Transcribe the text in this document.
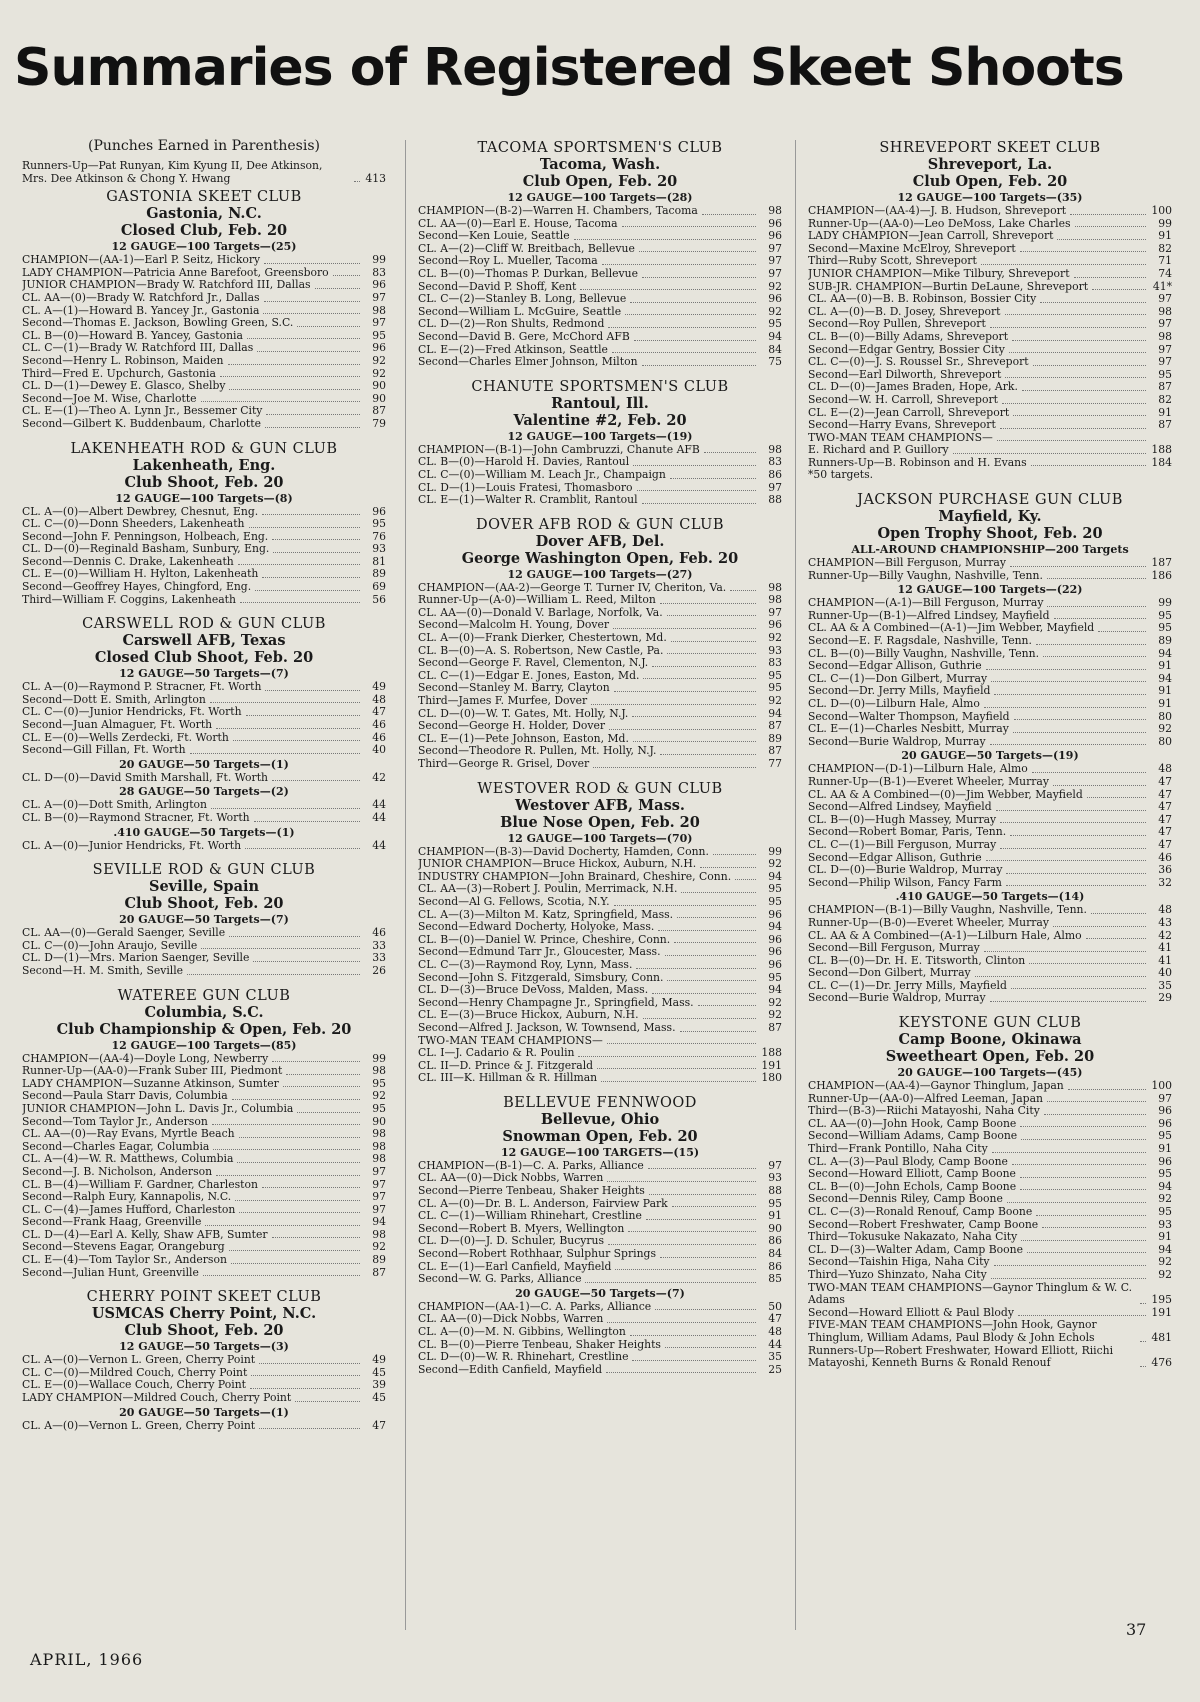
Summaries of Registered Skeet Shoots
(Punches Earned in Parenthesis)
Runners-Up—Pat Runyan, Kim Kyung II, Dee Atkinson, Mrs. Dee Atkinson & Chong Y. Hwang	413
GASTONIA SKEET CLUB
Gastonia, N.C.
Closed Club, Feb. 20
12 GAUGE—100 Targets—(25)
CHAMPION—(AA-1)—Earl P. Seitz, Hickory	99
LADY CHAMPION—Patricia Anne Barefoot, Greensboro	83
JUNIOR CHAMPION—Brady W. Ratchford III, Dallas	96
CL. AA—(0)—Brady W. Ratchford Jr., Dallas	97
CL. A—(1)—Howard B. Yancey Jr., Gastonia	98
Second—Thomas E. Jackson, Bowling Green, S.C.	97
CL. B—(0)—Howard B. Yancey, Gastonia	95
CL. C—(1)—Brady W. Ratchford III, Dallas	96
Second—Henry L. Robinson, Maiden	92
Third—Fred E. Upchurch, Gastonia	92
CL. D—(1)—Dewey E. Glasco, Shelby	90
Second—Joe M. Wise, Charlotte	90
CL. E—(1)—Theo A. Lynn Jr., Bessemer City	87
Second—Gilbert K. Buddenbaum, Charlotte	79
LAKENHEATH ROD & GUN CLUB
Lakenheath, Eng.
Club Shoot, Feb. 20
12 GAUGE—100 Targets—(8)
CL. A—(0)—Albert Dewbrey, Chesnut, Eng.	96
CL. C—(0)—Donn Sheeders, Lakenheath	95
Second—John F. Penningson, Holbeach, Eng.	76
CL. D—(0)—Reginald Basham, Sunbury, Eng.	93
Second—Dennis C. Drake, Lakenheath	81
CL. E—(0)—William H. Hylton, Lakenheath	89
Second—Geoffrey Hayes, Chingford, Eng.	69
Third—William F. Coggins, Lakenheath	56
CARSWELL ROD & GUN CLUB
Carswell AFB, Texas
Closed Club Shoot, Feb. 20
12 GAUGE—50 Targets—(7)
CL. A—(0)—Raymond P. Stracner, Ft. Worth	49
Second—Dott E. Smith, Arlington	48
CL. C—(0)—Junior Hendricks, Ft. Worth	47
Second—Juan Almaguer, Ft. Worth	46
CL. E—(0)—Wells Zerdecki, Ft. Worth	46
Second—Gill Fillan, Ft. Worth	40
20 GAUGE—50 Targets—(1)
CL. D—(0)—David Smith Marshall, Ft. Worth	42
28 GAUGE—50 Targets—(2)
CL. A—(0)—Dott Smith, Arlington	44
CL. B—(0)—Raymond Stracner, Ft. Worth	44
.410 GAUGE—50 Targets—(1)
CL. A—(0)—Junior Hendricks, Ft. Worth	44
SEVILLE ROD & GUN CLUB
Seville, Spain
Club Shoot, Feb. 20
20 GAUGE—50 Targets—(7)
CL. AA—(0)—Gerald Saenger, Seville	46
CL. C—(0)—John Araujo, Seville	33
CL. D—(1)—Mrs. Marion Saenger, Seville	33
Second—H. M. Smith, Seville	26
WATEREE GUN CLUB
Columbia, S.C.
Club Championship & Open, Feb. 20
12 GAUGE—100 Targets—(85)
CHAMPION—(AA-4)—Doyle Long, Newberry	99
Runner-Up—(AA-0)—Frank Suber III, Piedmont	98
LADY CHAMPION—Suzanne Atkinson, Sumter	95
Second—Paula Starr Davis, Columbia	92
JUNIOR CHAMPION—John L. Davis Jr., Columbia	95
Second—Tom Taylor Jr., Anderson	90
CL. AA—(0)—Ray Evans, Myrtle Beach	98
Second—Charles Eagar, Columbia	98
CL. A—(4)—W. R. Matthews, Columbia	98
Second—J. B. Nicholson, Anderson	97
CL. B—(4)—William F. Gardner, Charleston	97
Second—Ralph Eury, Kannapolis, N.C.	97
CL. C—(4)—James Hufford, Charleston	97
Second—Frank Haag, Greenville	94
CL. D—(4)—Earl A. Kelly, Shaw AFB, Sumter	98
Second—Stevens Eagar, Orangeburg	92
CL. E—(4)—Tom Taylor Sr., Anderson	89
Second—Julian Hunt, Greenville	87
CHERRY POINT SKEET CLUB
USMCAS Cherry Point, N.C.
Club Shoot, Feb. 20
12 GAUGE—50 Targets—(3)
CL. A—(0)—Vernon L. Green, Cherry Point	49
CL. C—(0)—Mildred Couch, Cherry Point	45
CL. E—(0)—Wallace Couch, Cherry Point	39
LADY CHAMPION—Mildred Couch, Cherry Point	45
20 GAUGE—50 Targets—(1)
CL. A—(0)—Vernon L. Green, Cherry Point	47
TACOMA SPORTSMEN'S CLUB
Tacoma, Wash.
Club Open, Feb. 20
12 GAUGE—100 Targets—(28)
CHAMPION—(B-2)—Warren H. Chambers, Tacoma	98
CL. AA—(0)—Earl E. House, Tacoma	96
Second—Ken Louie, Seattle	96
CL. A—(2)—Cliff W. Breitbach, Bellevue	97
Second—Roy L. Mueller, Tacoma	97
CL. B—(0)—Thomas P. Durkan, Bellevue	97
Second—David P. Shoff, Kent	92
CL. C—(2)—Stanley B. Long, Bellevue	96
Second—William L. McGuire, Seattle	92
CL. D—(2)—Ron Shults, Redmond	95
Second—David B. Gere, McChord AFB	94
CL. E—(2)—Fred Atkinson, Seattle	84
Second—Charles Elmer Johnson, Milton	75
CHANUTE SPORTSMEN'S CLUB
Rantoul, Ill.
Valentine #2, Feb. 20
12 GAUGE—100 Targets—(19)
CHAMPION—(B-1)—John Cambruzzi, Chanute AFB	98
CL. B—(0)—Harold H. Davies, Rantoul	83
CL. C—(0)—William M. Leach Jr., Champaign	86
CL. D—(1)—Louis Fratesi, Thomasboro	97
CL. E—(1)—Walter R. Cramblit, Rantoul	88
DOVER AFB ROD & GUN CLUB
Dover AFB, Del.
George Washington Open, Feb. 20
12 GAUGE—100 Targets—(27)
CHAMPION—(AA-2)—George T. Turner IV, Cheriton, Va.	98
Runner-Up—(A-0)—William L. Reed, Milton	98
CL. AA—(0)—Donald V. Barlage, Norfolk, Va.	97
Second—Malcolm H. Young, Dover	96
CL. A—(0)—Frank Dierker, Chestertown, Md.	92
CL. B—(0)—A. S. Robertson, New Castle, Pa.	93
Second—George F. Ravel, Clementon, N.J.	83
CL. C—(1)—Edgar E. Jones, Easton, Md.	95
Second—Stanley M. Barry, Clayton	95
Third—James F. Murfee, Dover	92
CL. D—(0)—W. T. Gates, Mt. Holly, N.J.	94
Second—George H. Holder, Dover	87
CL. E—(1)—Pete Johnson, Easton, Md.	89
Second—Theodore R. Pullen, Mt. Holly, N.J.	87
Third—George R. Grisel, Dover	77
WESTOVER ROD & GUN CLUB
Westover AFB, Mass.
Blue Nose Open, Feb. 20
12 GAUGE—100 Targets—(70)
CHAMPION—(B-3)—David Docherty, Hamden, Conn.	99
JUNIOR CHAMPION—Bruce Hickox, Auburn, N.H.	92
INDUSTRY CHAMPION—John Brainard, Cheshire, Conn.	94
CL. AA—(3)—Robert J. Poulin, Merrimack, N.H.	95
Second—Al G. Fellows, Scotia, N.Y.	95
CL. A—(3)—Milton M. Katz, Springfield, Mass.	96
Second—Edward Docherty, Holyoke, Mass.	94
CL. B—(0)—Daniel W. Prince, Cheshire, Conn.	96
Second—Edmund Tarr Jr., Gloucester, Mass.	96
CL. C—(3)—Raymond Roy, Lynn, Mass.	96
Second—John S. Fitzgerald, Simsbury, Conn.	95
CL. D—(3)—Bruce DeVoss, Malden, Mass.	94
Second—Henry Champagne Jr., Springfield, Mass.	92
CL. E—(3)—Bruce Hickox, Auburn, N.H.	92
Second—Alfred J. Jackson, W. Townsend, Mass.	87
TWO-MAN TEAM CHAMPIONS—
CL. I—J. Cadario & R. Poulin	188
CL. II—D. Prince & J. Fitzgerald	191
CL. III—K. Hillman & R. Hillman	180
BELLEVUE FENNWOOD
Bellevue, Ohio
Snowman Open, Feb. 20
12 GAUGE—100 TARGETS—(15)
CHAMPION—(B-1)—C. A. Parks, Alliance	97
CL. AA—(0)—Dick Nobbs, Warren	93
Second—Pierre Tenbeau, Shaker Heights	88
CL. A—(0)—Dr. B. L. Anderson, Fairview Park	95
CL. C—(1)—William Rhinehart, Crestline	91
Second—Robert B. Myers, Wellington	90
CL. D—(0)—J. D. Schuler, Bucyrus	86
Second—Robert Rothhaar, Sulphur Springs	84
CL. E—(1)—Earl Canfield, Mayfield	86
Second—W. G. Parks, Alliance	85
20 GAUGE—50 Targets—(7)
CHAMPION—(AA-1)—C. A. Parks, Alliance	50
CL. AA—(0)—Dick Nobbs, Warren	47
CL. A—(0)—M. N. Gibbins, Wellington	48
CL. B—(0)—Pierre Tenbeau, Shaker Heights	44
CL. D—(0)—W. R. Rhinehart, Crestline	35
Second—Edith Canfield, Mayfield	25
SHREVEPORT SKEET CLUB
Shreveport, La.
Club Open, Feb. 20
12 GAUGE—100 Targets—(35)
CHAMPION—(AA-4)—J. B. Hudson, Shreveport	100
Runner-Up—(AA-0)—Leo DeMoss, Lake Charles	99
LADY CHAMPION—Jean Carroll, Shreveport	91
Second—Maxine McElroy, Shreveport	82
Third—Ruby Scott, Shreveport	71
JUNIOR CHAMPION—Mike Tilbury, Shreveport	74
SUB-JR. CHAMPION—Burtin DeLaune, Shreveport	41*
CL. AA—(0)—B. B. Robinson, Bossier City	97
CL. A—(0)—B. D. Josey, Shreveport	98
Second—Roy Pullen, Shreveport	97
CL. B—(0)—Billy Adams, Shreveport	98
Second—Edgar Gentry, Bossier City	97
CL. C—(0)—J. S. Roussel Sr., Shreveport	97
Second—Earl Dilworth, Shreveport	95
CL. D—(0)—James Braden, Hope, Ark.	87
Second—W. H. Carroll, Shreveport	82
CL. E—(2)—Jean Carroll, Shreveport	91
Second—Harry Evans, Shreveport	87
TWO-MAN TEAM CHAMPIONS—
E. Richard and P. Guillory	188
Runners-Up—B. Robinson and H. Evans	184
*50 targets.
JACKSON PURCHASE GUN CLUB
Mayfield, Ky.
Open Trophy Shoot, Feb. 20
ALL-AROUND CHAMPIONSHIP—200 Targets
CHAMPION—Bill Ferguson, Murray	187
Runner-Up—Billy Vaughn, Nashville, Tenn.	186
12 GAUGE—100 Targets—(22)
CHAMPION—(A-1)—Bill Ferguson, Murray	99
Runner-Up—(B-1)—Alfred Lindsey, Mayfield	95
CL. AA & A Combined—(A-1)—Jim Webber, Mayfield	95
Second—E. F. Ragsdale, Nashville, Tenn.	89
CL. B—(0)—Billy Vaughn, Nashville, Tenn.	94
Second—Edgar Allison, Guthrie	91
CL. C—(1)—Don Gilbert, Murray	94
Second—Dr. Jerry Mills, Mayfield	91
CL. D—(0)—Lilburn Hale, Almo	91
Second—Walter Thompson, Mayfield	80
CL. E—(1)—Charles Nesbitt, Murray	92
Second—Burie Waldrop, Murray	80
20 GAUGE—50 Targets—(19)
CHAMPION—(D-1)—Lilburn Hale, Almo	48
Runner-Up—(B-1)—Everet Wheeler, Murray	47
CL. AA & A Combined—(0)—Jim Webber, Mayfield	47
Second—Alfred Lindsey, Mayfield	47
CL. B—(0)—Hugh Massey, Murray	47
Second—Robert Bomar, Paris, Tenn.	47
CL. C—(1)—Bill Ferguson, Murray	47
Second—Edgar Allison, Guthrie	46
CL. D—(0)—Burie Waldrop, Murray	36
Second—Philip Wilson, Fancy Farm	32
.410 GAUGE—50 Targets—(14)
CHAMPION—(B-1)—Billy Vaughn, Nashville, Tenn.	48
Runner-Up—(B-0)—Everet Wheeler, Murray	43
CL. AA & A Combined—(A-1)—Lilburn Hale, Almo	42
Second—Bill Ferguson, Murray	41
CL. B—(0)—Dr. H. E. Titsworth, Clinton	41
Second—Don Gilbert, Murray	40
CL. C—(1)—Dr. Jerry Mills, Mayfield	35
Second—Burie Waldrop, Murray	29
KEYSTONE GUN CLUB
Camp Boone, Okinawa
Sweetheart Open, Feb. 20
20 GAUGE—100 Targets—(45)
CHAMPION—(AA-4)—Gaynor Thinglum, Japan	100
Runner-Up—(AA-0)—Alfred Leeman, Japan	97
Third—(B-3)—Riichi Matayoshi, Naha City	96
CL. AA—(0)—John Hook, Camp Boone	96
Second—William Adams, Camp Boone	95
Third—Frank Pontillo, Naha City	91
CL. A—(3)—Paul Blody, Camp Boone	96
Second—Howard Elliott, Camp Boone	95
CL. B—(0)—John Echols, Camp Boone	94
Second—Dennis Riley, Camp Boone	92
CL. C—(3)—Ronald Renouf, Camp Boone	95
Second—Robert Freshwater, Camp Boone	93
Third—Tokusuke Nakazato, Naha City	91
CL. D—(3)—Walter Adam, Camp Boone	94
Second—Taishin Higa, Naha City	92
Third—Yuzo Shinzato, Naha City	92
TWO-MAN TEAM CHAMPIONS—Gaynor Thinglum & W. C. Adams	195
Second—Howard Elliott & Paul Blody	191
FIVE-MAN TEAM CHAMPIONS—John Hook, Gaynor Thinglum, William Adams, Paul Blody & John Echols	481
Runners-Up—Robert Freshwater, Howard Elliott, Riichi Matayoshi, Kenneth Burns & Ronald Renouf	476
APRIL, 1966
37
